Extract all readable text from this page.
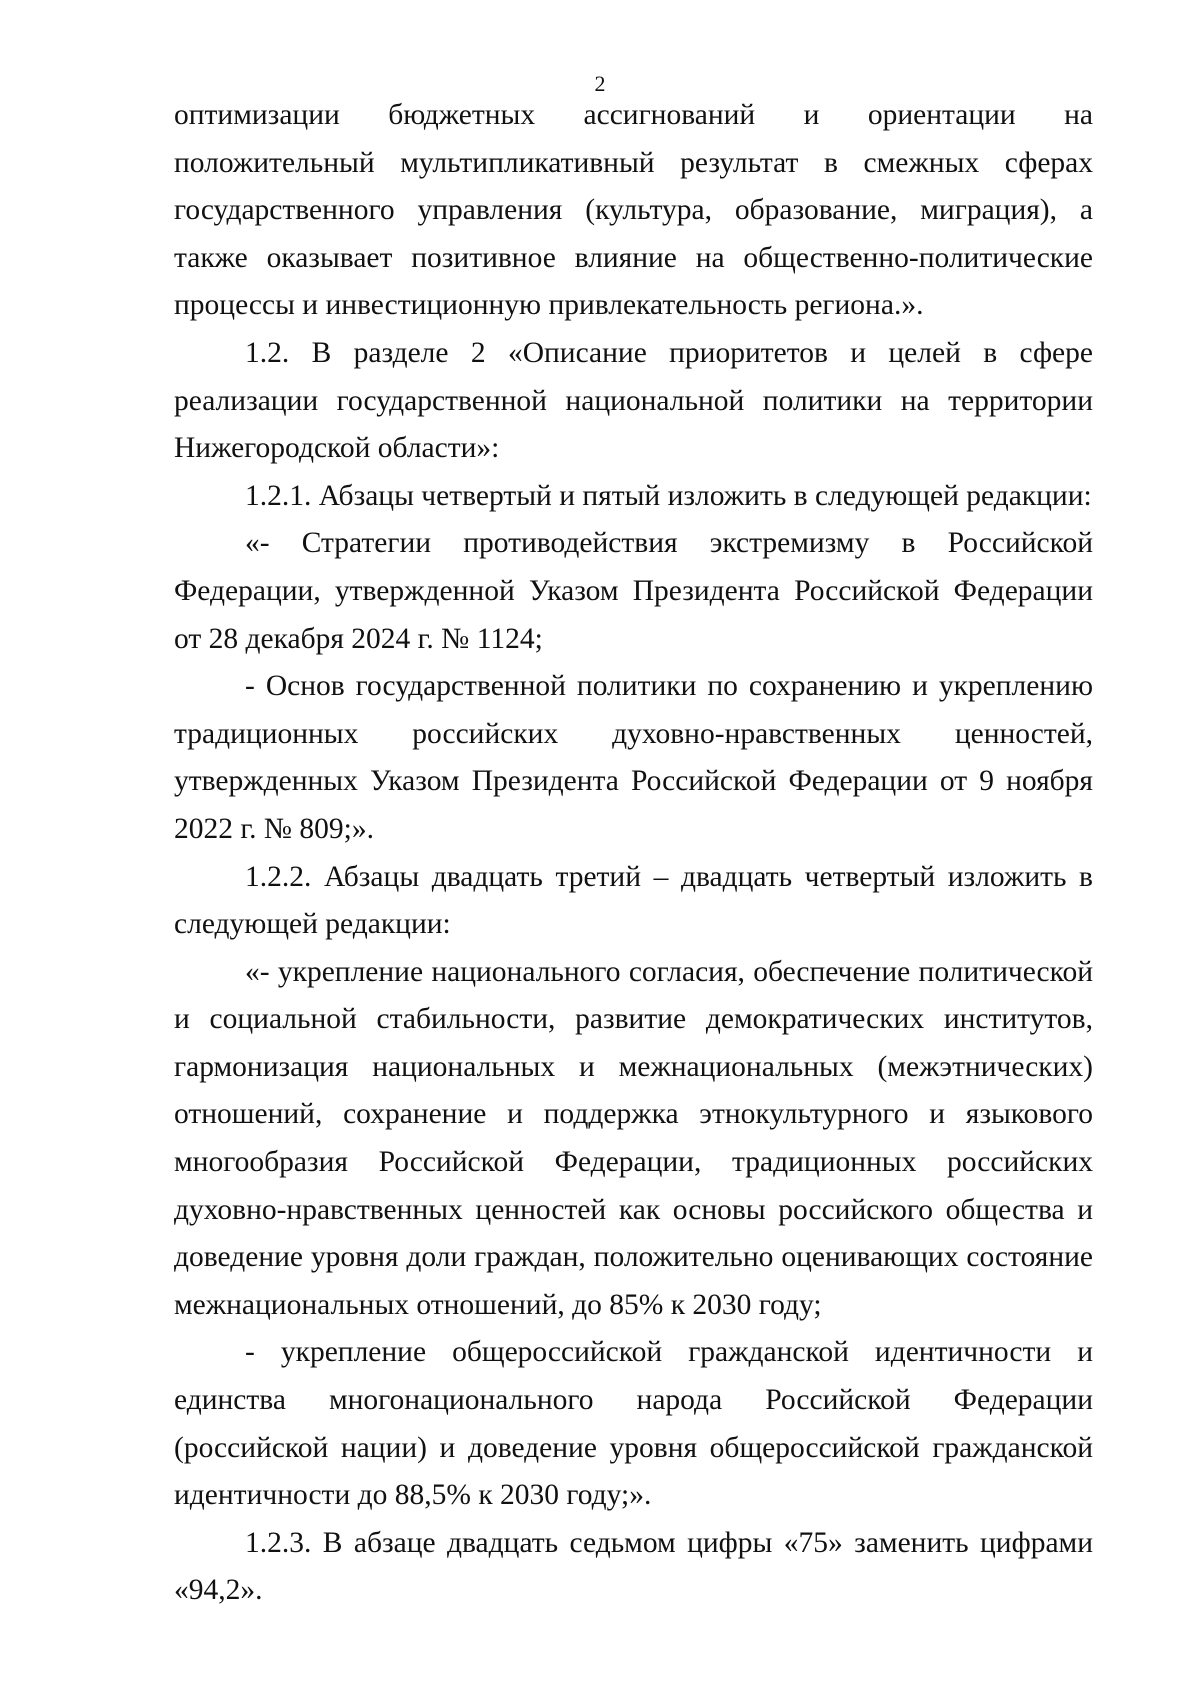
2

оптимизации бюджетных ассигнований и ориентации на положительный мультипликативный результат в смежных сферах государственного управления (культура, образование, миграция), а также оказывает позитивное влияние на общественно-политические процессы и инвестиционную привлекательность региона.».

1.2. В разделе 2 «Описание приоритетов и целей в сфере реализации государственной национальной политики на территории Нижегородской области»:

1.2.1. Абзацы четвертый и пятый изложить в следующей редакции:

«- Стратегии противодействия экстремизму в Российской Федерации, утвержденной Указом Президента Российской Федерации от 28 декабря 2024 г. № 1124;

- Основ государственной политики по сохранению и укреплению традиционных российских духовно-нравственных ценностей, утвержденных Указом Президента Российской Федерации от 9 ноября 2022 г. № 809;».

1.2.2. Абзацы двадцать третий – двадцать четвертый изложить в следующей редакции:

«- укрепление национального согласия, обеспечение политической и социальной стабильности, развитие демократических институтов, гармонизация национальных и межнациональных (межэтнических) отношений, сохранение и поддержка этнокультурного и языкового многообразия Российской Федерации, традиционных российских духовно-нравственных ценностей как основы российского общества и доведение уровня доли граждан, положительно оценивающих состояние межнациональных отношений, до 85% к 2030 году;

- укрепление общероссийской гражданской идентичности и единства многонационального народа Российской Федерации (российской нации) и доведение уровня общероссийской гражданской идентичности до 88,5% к 2030 году;».

1.2.3. В абзаце двадцать седьмом цифры «75» заменить цифрами «94,2».
